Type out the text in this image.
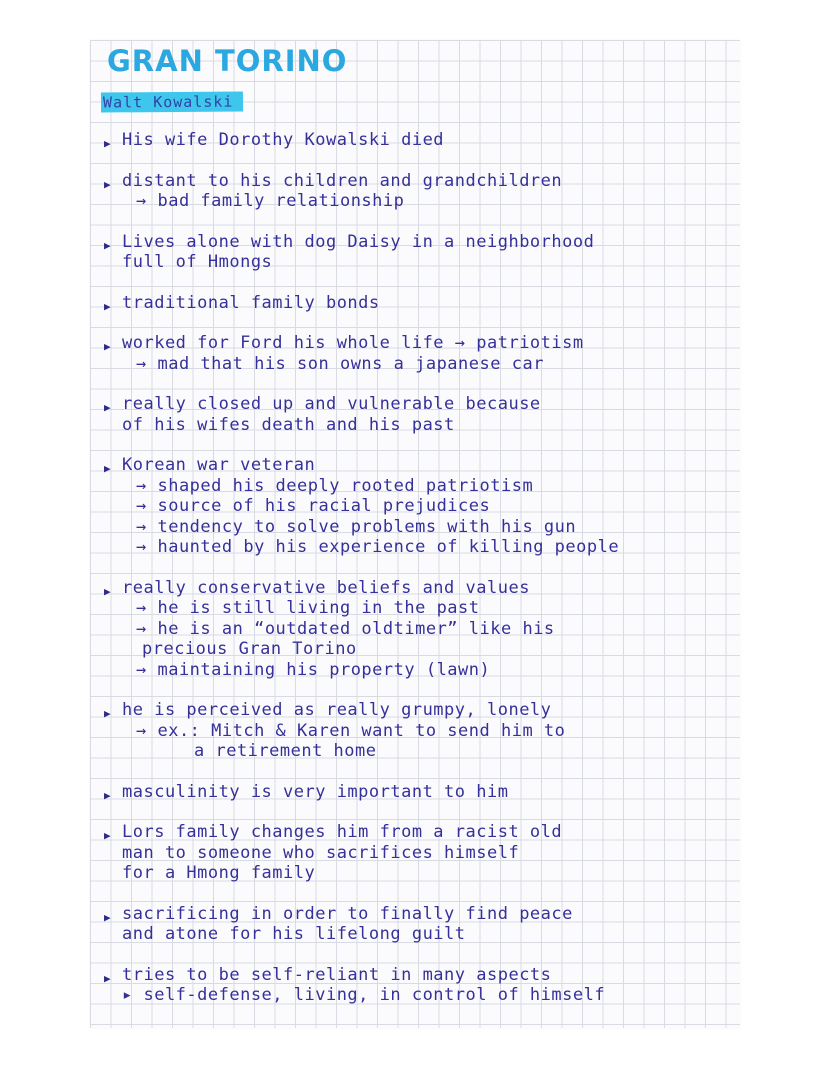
GRAN TORINO
Walt Kowalski
▶ His wife Dorothy Kowalski died
▶ distant to his children and grandchildren
→ bad family relationship
▶ Lives alone with dog Daisy in a neighborhood
full of Hmongs
▶ traditional family bonds
▶ worked for Ford his whole life → patriotism
→ mad that his son owns a japanese car
▶ really closed up and vulnerable because
of his wifes death and his past
▶ Korean war veteran
→ shaped his deeply rooted patriotism
→ source of his racial prejudices
→ tendency to solve problems with his gun
→ haunted by his experience of killing people
▶ really conservative beliefs and values
→ he is still living in the past
→ he is an “outdated oldtimer” like his
precious Gran Torino
→ maintaining his property (lawn)
▶ he is perceived as really grumpy, lonely
→ ex.: Mitch & Karen want to send him to
a retirement home
▶ masculinity is very important to him
▶ Lors family changes him from a racist old
man to someone who sacrifices himself
for a Hmong family
▶ sacrificing in order to finally find peace
and atone for his lifelong guilt
▶ tries to be self-reliant in many aspects
▸ self-defense, living, in control of himself
